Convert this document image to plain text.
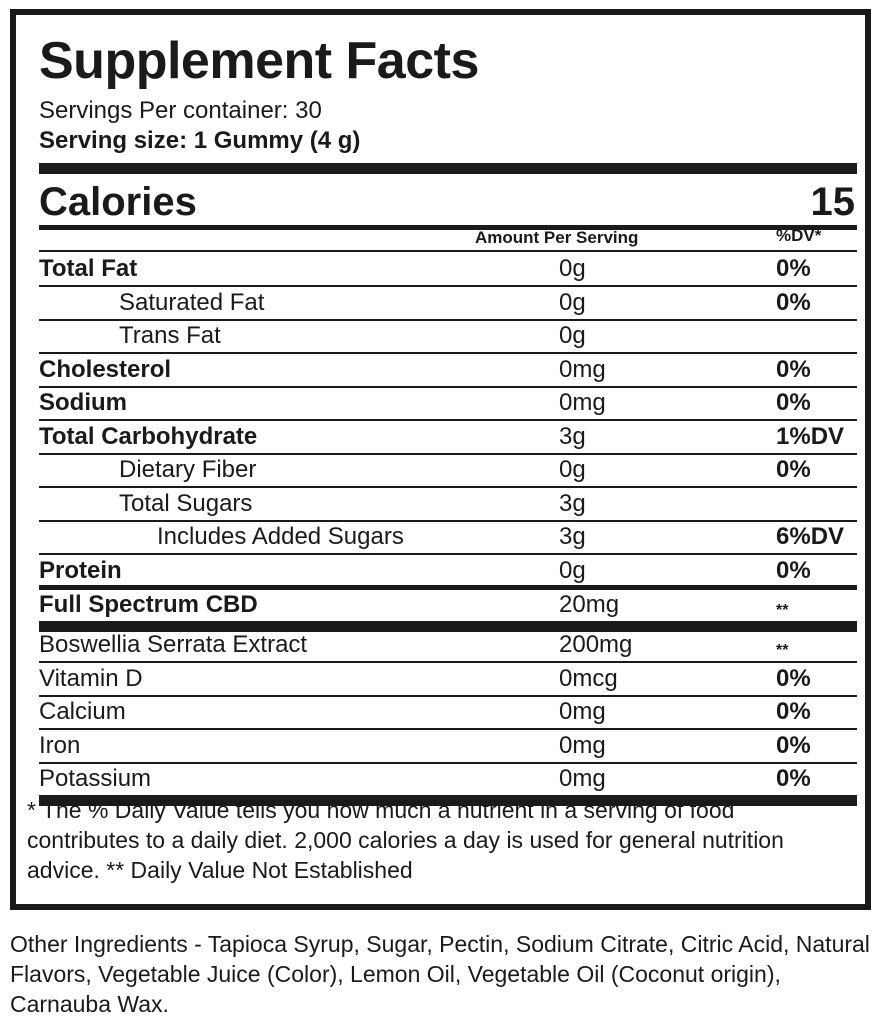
Supplement Facts
Servings Per container: 30
Serving size: 1 Gummy (4 g)
Calories	15
Amount Per Serving	%DV*
Total Fat	0g	0%
Saturated Fat	0g	0%
Trans Fat	0g
Cholesterol	0mg	0%
Sodium	0mg	0%
Total Carbohydrate	3g	1%DV
Dietary Fiber	0g	0%
Total Sugars	3g
Includes Added Sugars	3g	6%DV
Protein	0g	0%
Full Spectrum CBD	20mg	**
Boswellia Serrata Extract	200mg	**
Vitamin D	0mcg	0%
Calcium	0mg	0%
Iron	0mg	0%
Potassium	0mg	0%
* The % Daily Value tells you how much a nutrient in a serving of food contributes to a daily diet. 2,000 calories a day is used for general nutrition advice. ** Daily Value Not Established
Other Ingredients - Tapioca Syrup, Sugar, Pectin, Sodium Citrate, Citric Acid, Natural Flavors, Vegetable Juice (Color), Lemon Oil, Vegetable Oil (Coconut origin), Carnauba Wax.
